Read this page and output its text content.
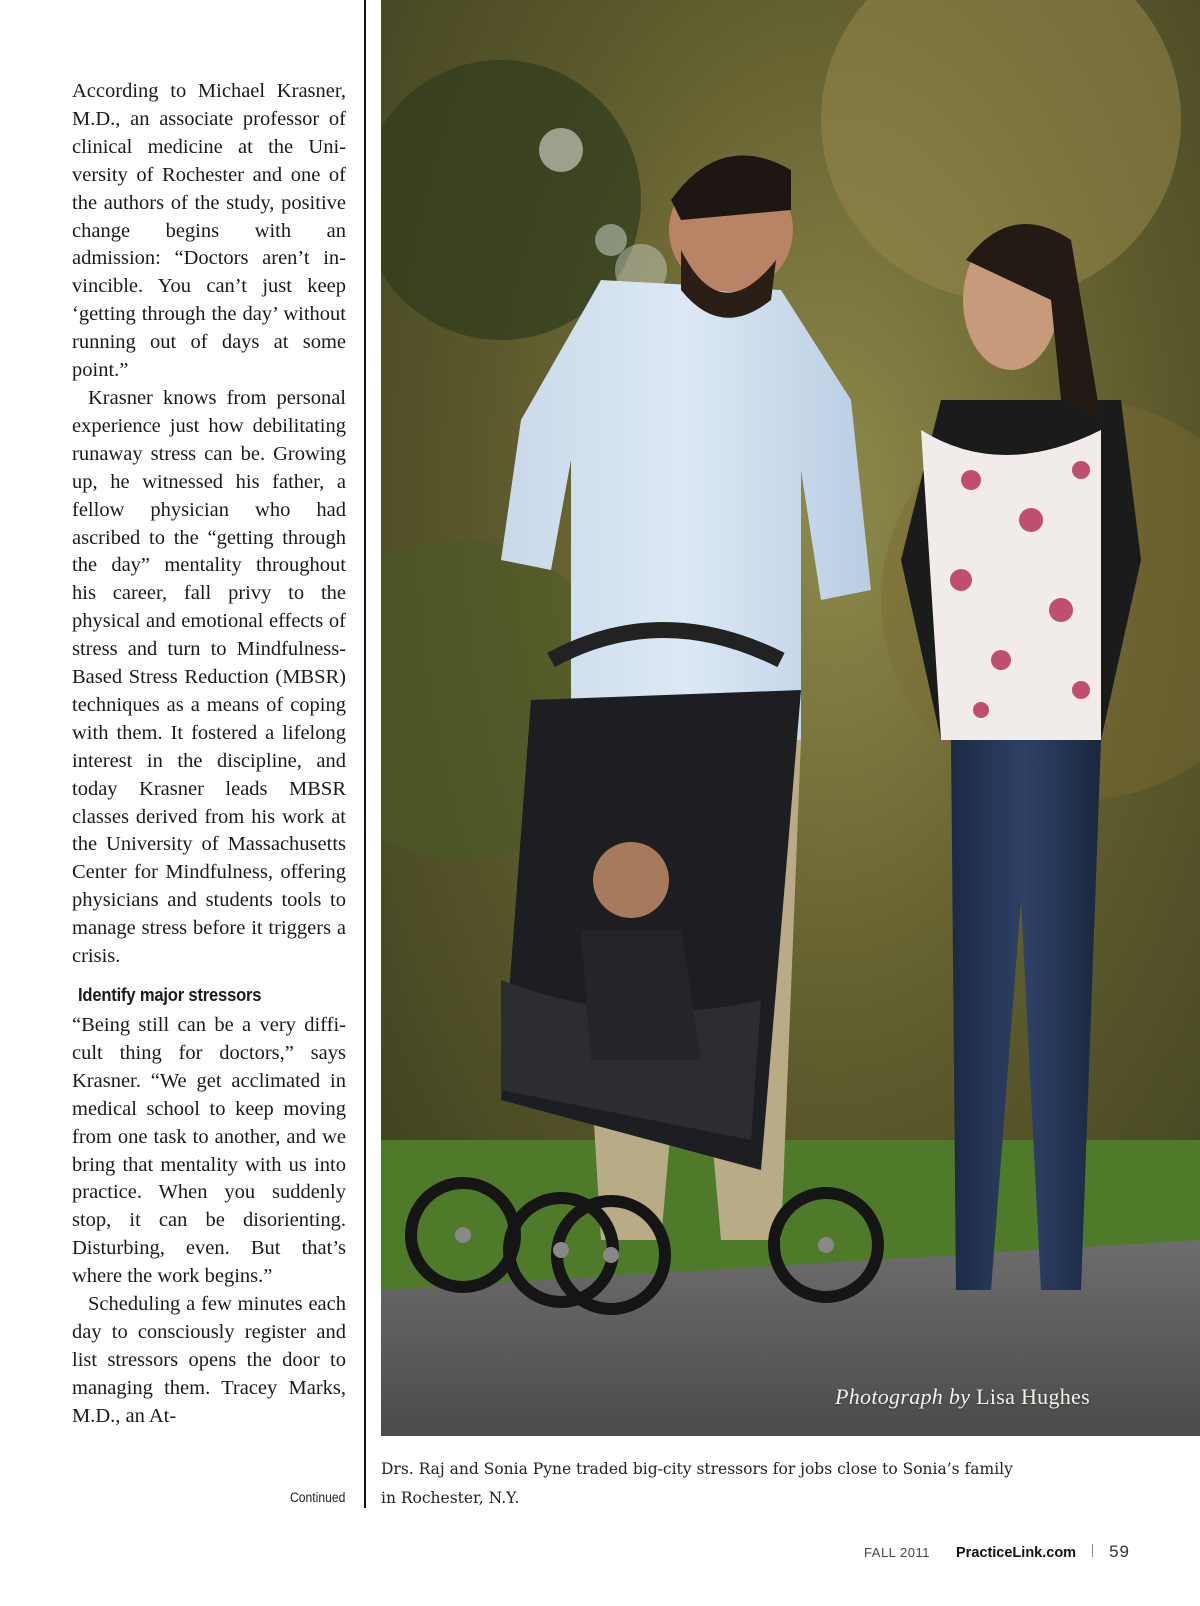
According to Michael Krasner, M.D., an associate professor of clinical medicine at the University of Rochester and one of the authors of the study, positive change begins with an admission: “Doctors aren’t invincible. You can’t just keep ‘getting through the day’ without running out of days at some point.”

Krasner knows from personal experience just how debilitating runaway stress can be. Growing up, he witnessed his father, a fellow physician who had ascribed to the “getting through the day” mentality throughout his career, fall privy to the physical and emotional effects of stress and turn to Mindfulness-Based Stress Reduction (MBSR) techniques as a means of coping with them. It fostered a lifelong interest in the discipline, and today Krasner leads MBSR classes derived from his work at the University of Massachusetts Center for Mindfulness, offering physicians and students tools to manage stress before it triggers a crisis.

Identify major stressors

“Being still can be a very difficult thing for doctors,” says Krasner. “We get acclimated in medical school to keep moving from one task to another, and we bring that mentality with us into practice. When you suddenly stop, it can be disorienting. Disturbing, even. But that’s where the work begins.”

Scheduling a few minutes each day to consciously register and list stressors opens the door to managing them. Tracey Marks, M.D., an At-

Continued
Photograph by Lisa Hughes
Drs. Raj and Sonia Pyne traded big-city stressors for jobs close to Sonia’s family in Rochester, N.Y.
FALL 2011 PracticeLink.com 59
